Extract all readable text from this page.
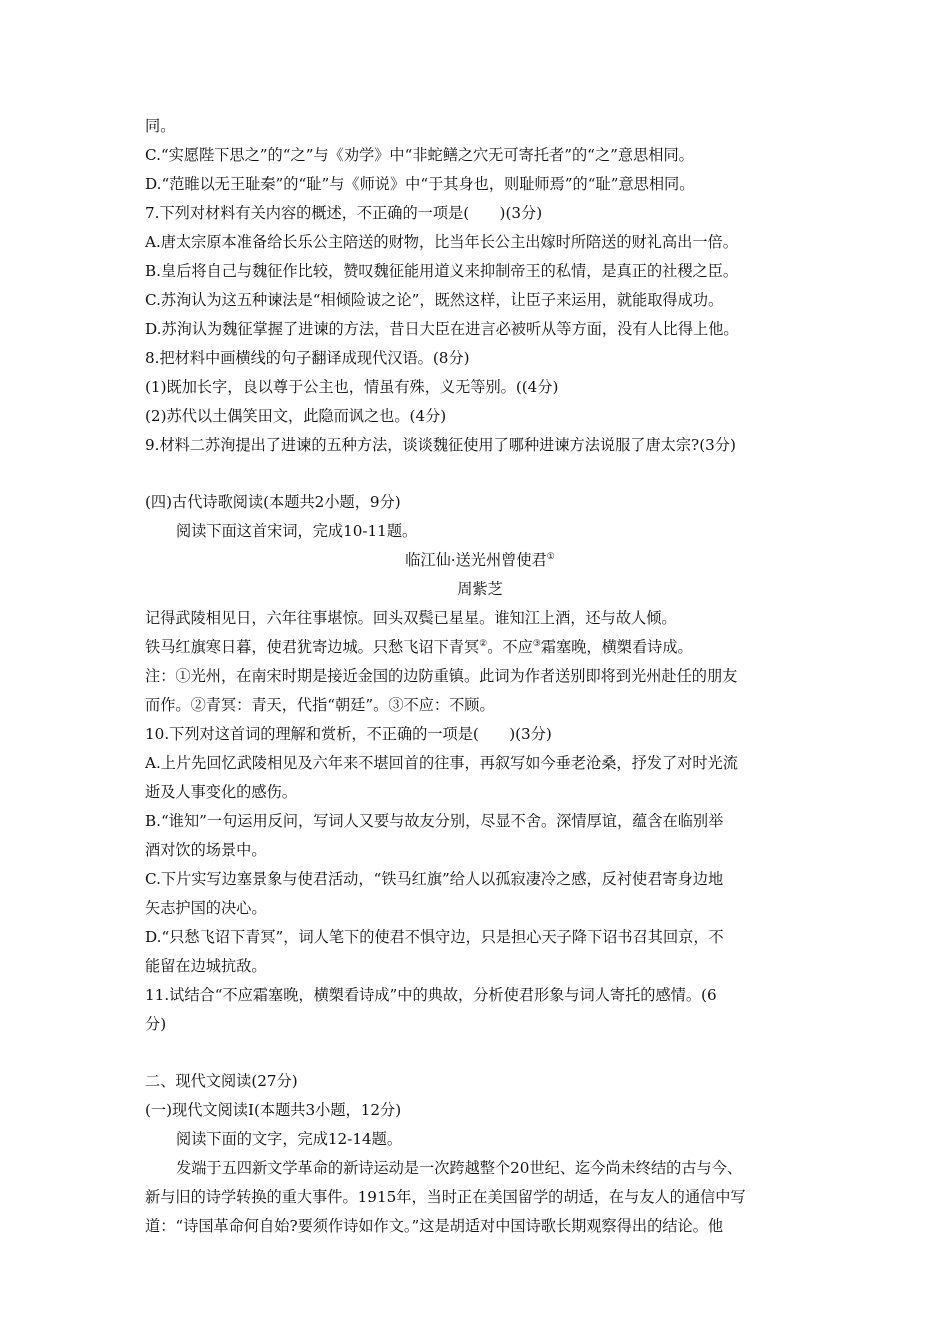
同。
C.“实愿陛下思之”的“之”与《劝学》中“非蛇鳝之穴无可寄托者”的“之”意思相同。
D.“范睢以无王耻秦”的“耻”与《师说》中“于其身也，则耻师焉”的“耻”意思相同。
7.下列对材料有关内容的概述，不正确的一项是(　　)(3分)
A.唐太宗原本准备给长乐公主陪送的财物，比当年长公主出嫁时所陪送的财礼高出一倍。
B.皇后将自己与魏征作比较，赞叹魏征能用道义来抑制帝王的私情，是真正的社稷之臣。
C.苏洵认为这五种谏法是“相倾险诐之论”，既然这样，让臣子来运用，就能取得成功。
D.苏洵认为魏征掌握了进谏的方法，昔日大臣在进言必被听从等方面，没有人比得上他。
8.把材料中画横线的句子翻译成现代汉语。(8分)
(1)既加长字，良以尊于公主也，情虽有殊，义无等别。((4分)
(2)苏代以土偶笑田文，此隐而讽之也。(4分)
9.材料二苏洵提出了进谏的五种方法，谈谈魏征使用了哪种进谏方法说服了唐太宗?(3分)
(四)古代诗歌阅读(本题共2小题，9分)
阅读下面这首宋词，完成10-11题。
临江仙·送光州曾使君①
周紫芝
记得武陵相见日，六年往事堪惊。回头双鬓已星星。谁知江上酒，还与故人倾。
铁马红旗寒日暮，使君犹寄边城。只愁飞诏下青冥②。不应③霜塞晚，横槊看诗成。
注：①光州，在南宋时期是接近金国的边防重镇。此词为作者送别即将到光州赴任的朋友
而作。②青冥：青天，代指“朝廷”。③不应：不顾。
10.下列对这首词的理解和赏析，不正确的一项是(　　)(3分)
A.上片先回忆武陵相见及六年来不堪回首的往事，再叙写如今垂老沧桑，抒发了对时光流
逝及人事变化的感伤。
B.“谁知”一句运用反问，写词人又要与故友分别，尽显不舍。深情厚谊，蕴含在临别举
酒对饮的场景中。
C.下片实写边塞景象与使君活动，“铁马红旗”给人以孤寂凄冷之感，反衬使君寄身边地
矢志护国的决心。
D.“只愁飞诏下青冥”，词人笔下的使君不惧守边，只是担心天子降下诏书召其回京，不
能留在边城抗敌。
11.试结合“不应霜塞晚，横槊看诗成”中的典故，分析使君形象与词人寄托的感情。(6
分)
二、现代文阅读(27分)
(一)现代文阅读Ⅰ(本题共3小题，12分)
阅读下面的文字，完成12-14题。
发端于五四新文学革命的新诗运动是一次跨越整个20世纪、迄今尚未终结的古与今、
新与旧的诗学转换的重大事件。1915年，当时正在美国留学的胡适，在与友人的通信中写
道：“诗国革命何自始?要须作诗如作文。”这是胡适对中国诗歌长期观察得出的结论。他
